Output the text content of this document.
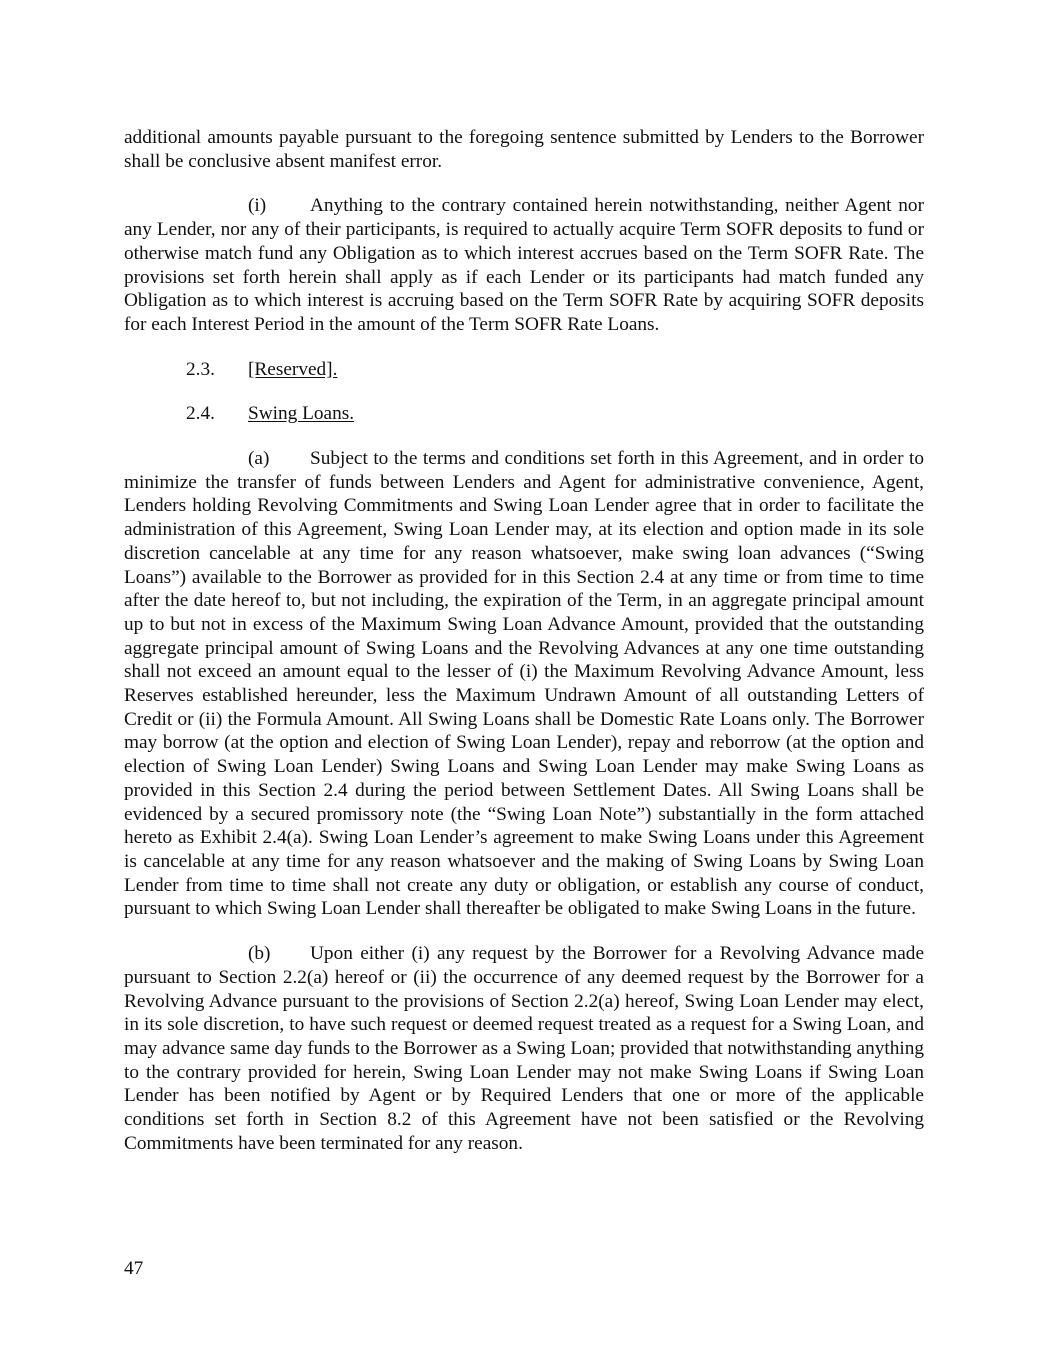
additional amounts payable pursuant to the foregoing sentence submitted by Lenders to the Borrower shall be conclusive absent manifest error.

(i) Anything to the contrary contained herein notwithstanding, neither Agent nor any Lender, nor any of their participants, is required to actually acquire Term SOFR deposits to fund or otherwise match fund any Obligation as to which interest accrues based on the Term SOFR Rate. The provisions set forth herein shall apply as if each Lender or its participants had match funded any Obligation as to which interest is accruing based on the Term SOFR Rate by acquiring SOFR deposits for each Interest Period in the amount of the Term SOFR Rate Loans.

2.3.	[Reserved].

2.4.	Swing Loans.

(a) Subject to the terms and conditions set forth in this Agreement, and in order to minimize the transfer of funds between Lenders and Agent for administrative convenience, Agent, Lenders holding Revolving Commitments and Swing Loan Lender agree that in order to facilitate the administration of this Agreement, Swing Loan Lender may, at its election and option made in its sole discretion cancelable at any time for any reason whatsoever, make swing loan advances (“Swing Loans”) available to the Borrower as provided for in this Section 2.4 at any time or from time to time after the date hereof to, but not including, the expiration of the Term, in an aggregate principal amount up to but not in excess of the Maximum Swing Loan Advance Amount, provided that the outstanding aggregate principal amount of Swing Loans and the Revolving Advances at any one time outstanding shall not exceed an amount equal to the lesser of (i) the Maximum Revolving Advance Amount, less Reserves established hereunder, less the Maximum Undrawn Amount of all outstanding Letters of Credit or (ii) the Formula Amount. All Swing Loans shall be Domestic Rate Loans only. The Borrower may borrow (at the option and election of Swing Loan Lender), repay and reborrow (at the option and election of Swing Loan Lender) Swing Loans and Swing Loan Lender may make Swing Loans as provided in this Section 2.4 during the period between Settlement Dates. All Swing Loans shall be evidenced by a secured promissory note (the “Swing Loan Note”) substantially in the form attached hereto as Exhibit 2.4(a). Swing Loan Lender’s agreement to make Swing Loans under this Agreement is cancelable at any time for any reason whatsoever and the making of Swing Loans by Swing Loan Lender from time to time shall not create any duty or obligation, or establish any course of conduct, pursuant to which Swing Loan Lender shall thereafter be obligated to make Swing Loans in the future.

(b) Upon either (i) any request by the Borrower for a Revolving Advance made pursuant to Section 2.2(a) hereof or (ii) the occurrence of any deemed request by the Borrower for a Revolving Advance pursuant to the provisions of Section 2.2(a) hereof, Swing Loan Lender may elect, in its sole discretion, to have such request or deemed request treated as a request for a Swing Loan, and may advance same day funds to the Borrower as a Swing Loan; provided that notwithstanding anything to the contrary provided for herein, Swing Loan Lender may not make Swing Loans if Swing Loan Lender has been notified by Agent or by Required Lenders that one or more of the applicable conditions set forth in Section 8.2 of this Agreement have not been satisfied or the Revolving Commitments have been terminated for any reason.

47
